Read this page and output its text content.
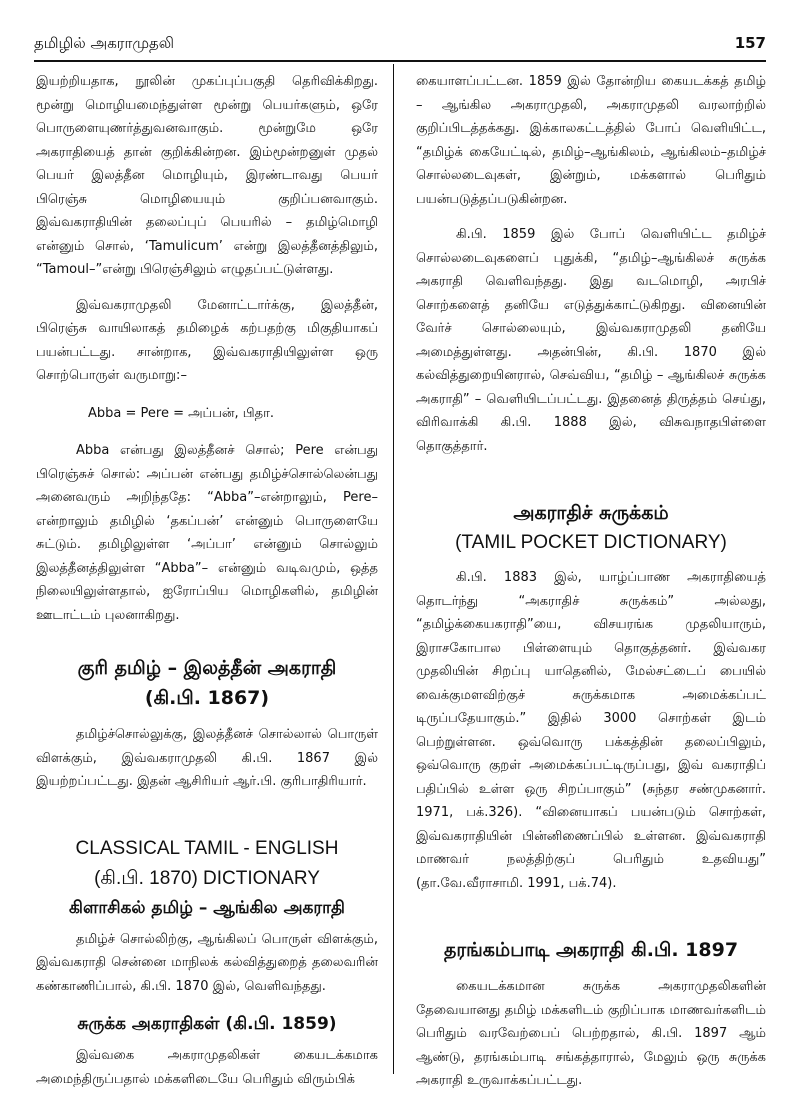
தமிழில் அகராமுதலி	157

இயற்றியதாக, நூலின் முகப்புப்பகுதி தெரிவிக்கிறது. மூன்று மொழியமைந்துள்ள மூன்று பெயர்களும், ஒரே பொருளையுணர்த்துவனவாகும். மூன்றுமே ஒரே அகராதியைத் தான் குறிக்கின்றன. இம்மூன்றனுள் முதல் பெயர் இலத்தீன மொழியும், இரண்டாவது பெயர் பிரெஞ்சு மொழியையும் குறிப்பனவாகும். இவ்வகராதியின் தலைப்புப் பெயரில் – தமிழ்மொழி என்னும் சொல், ‘Tamulicum’ என்று இலத்தீனத்திலும், “Tamoul–”என்று பிரெஞ்சிலும் எழுதப்பட்டுள்ளது.

இவ்வகராமுதலி மேனாட்டார்க்கு, இலத்தீன், பிரெஞ்சு வாயிலாகத் தமிழைக் கற்பதற்கு மிகுதியாகப் பயன்பட்டது. சான்றாக, இவ்வகராதியிலுள்ள ஒரு சொற்பொருள் வருமாறு:–

Abba = Pere = அப்பன், பிதா.

Abba என்பது இலத்தீனச் சொல்; Pere என்பது பிரெஞ்சுச் சொல்: அப்பன் என்பது தமிழ்ச்சொல்லென்பது அனைவரும் அறிந்ததே: “Abba”–என்றாலும், Pere– என்றாலும் தமிழில் ‘தகப்பன்’ என்னும் பொருளையே சுட்டும். தமிழிலுள்ள ‘அப்பா’ என்னும் சொல்லும் இலத்தீனத்திலுள்ள “Abba”– என்னும் வடிவமும், ஒத்த நிலையிலுள்ளதால், ஐரோப்பிய மொழிகளில், தமிழின் ஊடாட்டம் புலனாகிறது.

குரி தமிழ் – இலத்தீன் அகராதி
(கி.பி. 1867)

தமிழ்ச்சொல்லுக்கு, இலத்தீனச் சொல்லால் பொருள் விளக்கும், இவ்வகராமுதலி கி.பி. 1867 இல் இயற்றப்பட்டது. இதன் ஆசிரியர் ஆர்.பி. குரிபாதிரியார்.

CLASSICAL TAMIL - ENGLISH
(கி.பி. 1870) DICTIONARY
கிளாசிகல் தமிழ் – ஆங்கில அகராதி

தமிழ்ச் சொல்லிற்கு, ஆங்கிலப் பொருள் விளக்கும், இவ்வகராதி சென்னை மாநிலக் கல்வித்துறைத் தலைவரின் கண்காணிப்பால், கி.பி. 1870 இல், வெளிவந்தது.

சுருக்க அகராதிகள் (கி.பி. 1859)

இவ்வகை அகராமுதலிகள் கையடக்கமாக அமைந்திருப்பதால் மக்களிடையே பெரிதும் விரும்பிக்

கையாளப்பட்டன. 1859 இல் தோன்றிய கையடக்கத் தமிழ் – ஆங்கில அகராமுதலி, அகராமுதலி வரலாற்றில் குறிப்பிடத்தக்கது. இக்காலகட்டத்தில் போப் வெளியிட்ட, “தமிழ்க் கையேட்டில், தமிழ்–ஆங்கிலம், ஆங்கிலம்–தமிழ்ச் சொல்லடைவுகள், இன்றும், மக்களால் பெரிதும் பயன்படுத்தப்படுகின்றன.

கி.பி. 1859 இல் போப் வெளியிட்ட தமிழ்ச் சொல்லடைவுகளைப் புதுக்கி, “தமிழ்–ஆங்கிலச் சுருக்க அகராதி வெளிவந்தது. இது வடமொழி, அரபிச் சொற்களைத் தனியே எடுத்துக்காட்டுகிறது. வினையின் வேர்ச் சொல்லையும், இவ்வகராமுதலி தனியே அமைத்துள்ளது. அதன்பின், கி.பி. 1870 இல் கல்வித்துறையினரால், செவ்விய, “தமிழ் – ஆங்கிலச் சுருக்க அகராதி” – வெளியிடப்பட்டது. இதனைத் திருத்தம் செய்து, விரிவாக்கி கி.பி. 1888 இல், விசுவநாதபிள்ளை தொகுத்தார்.

அகராதிச் சுருக்கம்
(TAMIL POCKET DICTIONARY)

கி.பி. 1883 இல், யாழ்ப்பாண அகராதியைத் தொடர்ந்து “அகராதிச் சுருக்கம்” அல்லது, “தமிழ்க்கையகராதி”யை, விசயரங்க முதலியாரும், இராசகோபால பிள்ளையும் தொகுத்தனர். இவ்வகர முதலியின் சிறப்பு யாதெனில், மேல்சட்டைப் பையில் வைக்குமளவிற்குச் சுருக்கமாக அமைக்கப்பட் டிருப்பதேயாகும்.” இதில் 3000 சொற்கள் இடம் பெற்றுள்ளன. ஒவ்வொரு பக்கத்தின் தலைப்பிலும், ஒவ்வொரு குறள் அமைக்கப்பட்டிருப்பது, இவ் வகராதிப் பதிப்பில் உள்ள ஒரு சிறப்பாகும்” (சுந்தர சண்முகனார். 1971, பக்.326). “வினையாகப் பயன்படும் சொற்கள், இவ்வகராதியின் பின்னிணைப்பில் உள்ளன. இவ்வகராதி மாணவர் நலத்திற்குப் பெரிதும் உதவியது” (தா.வே.வீராசாமி. 1991, பக்.74).

தரங்கம்பாடி அகராதி கி.பி. 1897

கையடக்கமான சுருக்க அகராமுதலிகளின் தேவையானது தமிழ் மக்களிடம் குறிப்பாக மாணவர்களிடம் பெரிதும் வரவேற்பைப் பெற்றதால், கி.பி. 1897 ஆம் ஆண்டு, தரங்கம்பாடி சங்கத்தாரால், மேலும் ஒரு சுருக்க அகராதி உருவாக்கப்பட்டது.
